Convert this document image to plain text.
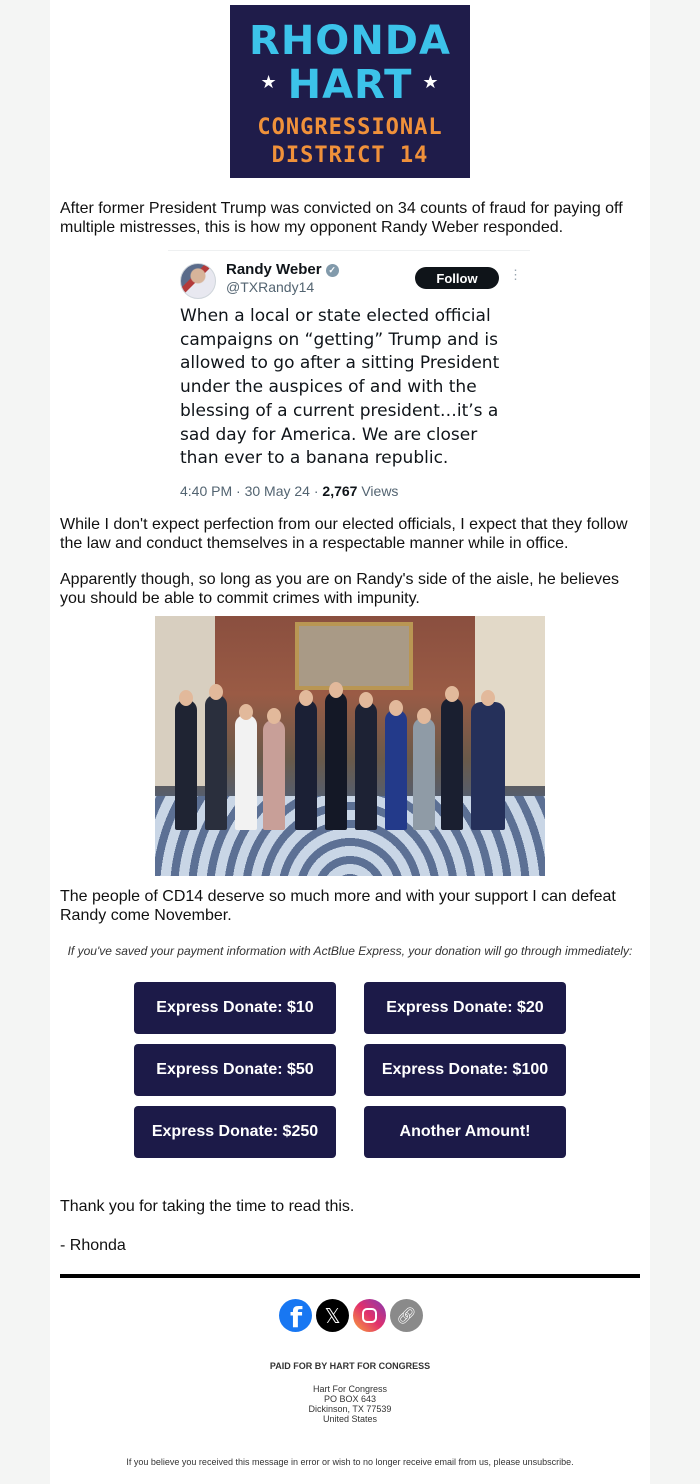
RHONDA
★ HART ★
CONGRESSIONAL
DISTRICT 14
After former President Trump was convicted on 34 counts of fraud for paying off multiple mistresses, this is how my opponent Randy Weber responded.
Randy Weber ✓
@TXRandy14
Follow	⋮
When a local or state elected official campaigns on “getting” Trump and is allowed to go after a sitting President under the auspices of and with the blessing of a current president…it’s a sad day for America. We are closer than ever to a banana republic.
4:40 PM · 30 May 24 · 2,767 Views
While I don't expect perfection from our elected officials, I expect that they follow the law and conduct themselves in a respectable manner while in office.
Apparently though, so long as you are on Randy's side of the aisle, he believes you should be able to commit crimes with impunity.
The people of CD14 deserve so much more and with your support I can defeat Randy come November.
If you've saved your payment information with ActBlue Express, your donation will go through immediately:
Express Donate: $10	Express Donate: $20
Express Donate: $50	Express Donate: $100
Express Donate: $250	Another Amount!
Thank you for taking the time to read this.
- Rhonda
f	𝕏	🔗︎
PAID FOR BY HART FOR CONGRESS
Hart For Congress
PO BOX 643
Dickinson, TX 77539
United States
If you believe you received this message in error or wish to no longer receive email from us, please unsubscribe.
